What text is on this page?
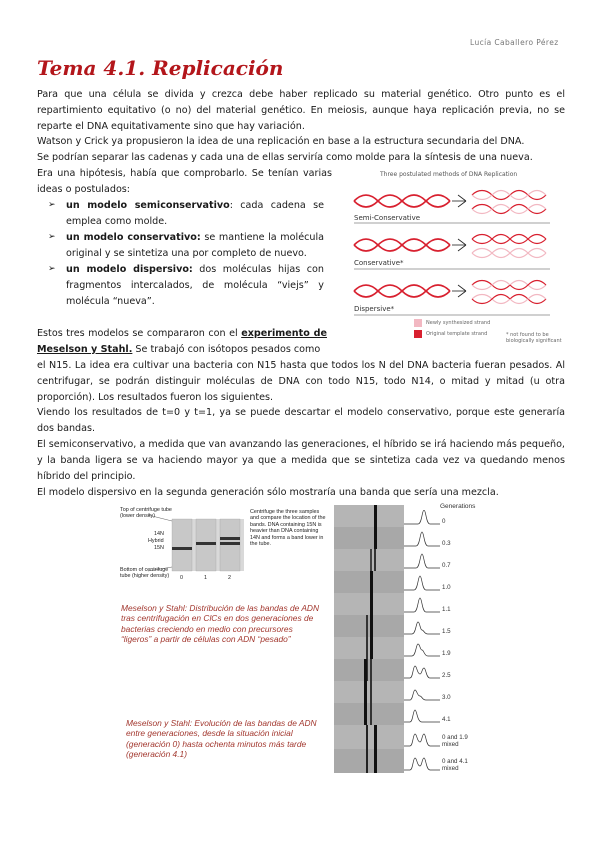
Lucía Caballero Pérez
Tema 4.1. Replicación
Para que una célula se divida y crezca debe haber replicado su material genético. Otro punto es el repartimiento equitativo (o no) del material genético. En meiosis, aunque haya replicación previa, no se reparte el DNA equitativamente sino que hay variación.
Watson y Crick ya propusieron la idea de una replicación en base a la estructura secundaria del DNA.
Se podrían separar las cadenas y cada una de ellas serviría como molde para la síntesis de una nueva.
Era una hipótesis, había que comprobarlo. Se tenían varias ideas o postulados:
➢ un modelo semiconservativo: cada cadena se emplea como molde.
➢ un modelo conservativo: se mantiene la molécula original y se sintetiza una por completo de nuevo.
➢ un modelo dispersivo: dos moléculas hijas con fragmentos intercalados, de molécula “viejs” y molécula “nueva”.
Three postulated methods of DNA Replication
Semi-Conservative
Conservative*
Dispersive*
Newly synthesized strand
Original template strand	* not found to be biologically significant
Estos tres modelos se compararon con el experimento de Meselson y Stahl. Se trabajó con isótopos pesados como
el N15. La idea era cultivar una bacteria con N15 hasta que todos los N del DNA bacteria fueran pesados. Al centrifugar, se podrán distinguir moléculas de DNA con todo N15, todo N14, o mitad y mitad (u otra proporción). Los resultados fueron los siguientes.
Viendo los resultados de t=0 y t=1, ya se puede descartar el modelo conservativo, porque este generaría dos bandas.
El semiconservativo, a medida que van avanzando las generaciones, el híbrido se irá haciendo más pequeño, y la banda ligera se va haciendo mayor ya que a medida que se sintetiza cada vez va quedando menos híbrido del principio.
El modelo dispersivo en la segunda generación sólo mostraría una banda que sería una mezcla.
Top of centrifuge tube (lower density)
Bottom of centrifuge tube (higher density)
14N
Hybrid
15N
0	1	2
Centrifuge the three samples and compare the location of the bands. DNA containing 15N is heavier than DNA containing 14N and forms a band lower in the tube.
Meselson y Stahl: Distribución de las bandas de ADN tras centrifugación en ClCs en dos generaciones de bacterias creciendo en medio con precursores “ligeros” a partir de células con ADN “pesado”
Meselson y Stahl: Evolución de las bandas de ADN entre generaciones, desde la situación inicial (generación 0) hasta ochenta minutos más tarde (generación 4.1)
Generations
0
0.3
0.7
1.0
1.1
1.5
1.9
2.5
3.0
4.1
0 and 1.9 mixed
0 and 4.1 mixed
